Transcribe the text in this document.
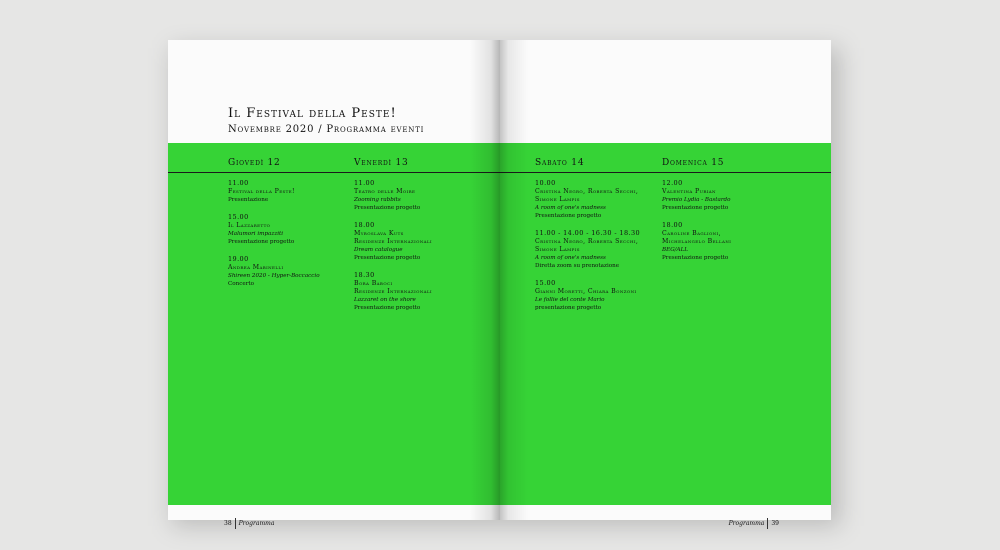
Il Festival della Peste!
Novembre 2020 / Programma eventi
Giovedì 12	Venerdì 13
11.00
Festival della Peste!
Presentazione
15.00
Il Lazzaretto
Malumori impazziti
Presentazione progetto
19.00
Andrea Mabinelli
Shireen 2020 - Hyper-Boccaccio
Concerto
11.00
Teatro delle Moire
Zooming rabbits
Presentazione progetto
18.00
Myroslava Kuts
Residenze Internazionali
Dream catalogue
Presentazione progetto
18.30
Bora Baboci
Residenze Internazionali
Lazzaret on the shore
Presentazione progetto
38 Programma
Sabato 14	Domenica 15
10.00
Cristina Negro, Roberta Secchi,
Simone Lampis
A room of one's madness
Presentazione progetto
11.00 - 14.00 - 16.30 - 18.30
Cristina Negro, Roberta Secchi,
Simone Lampis
A room of one's madness
Diretta zoom su prenotazione
15.00
Gianni Moretti, Chiara Bonzoni
Le follie del conte Mario
presentazione progetto
12.00
Valentina Purian
Premio Lydia - Bastardo
Presentazione progetto
18.00
Caroline Baglioni,
Michelangelo Bellani
BEG/ALL
Presentazione progetto
Programma 39
